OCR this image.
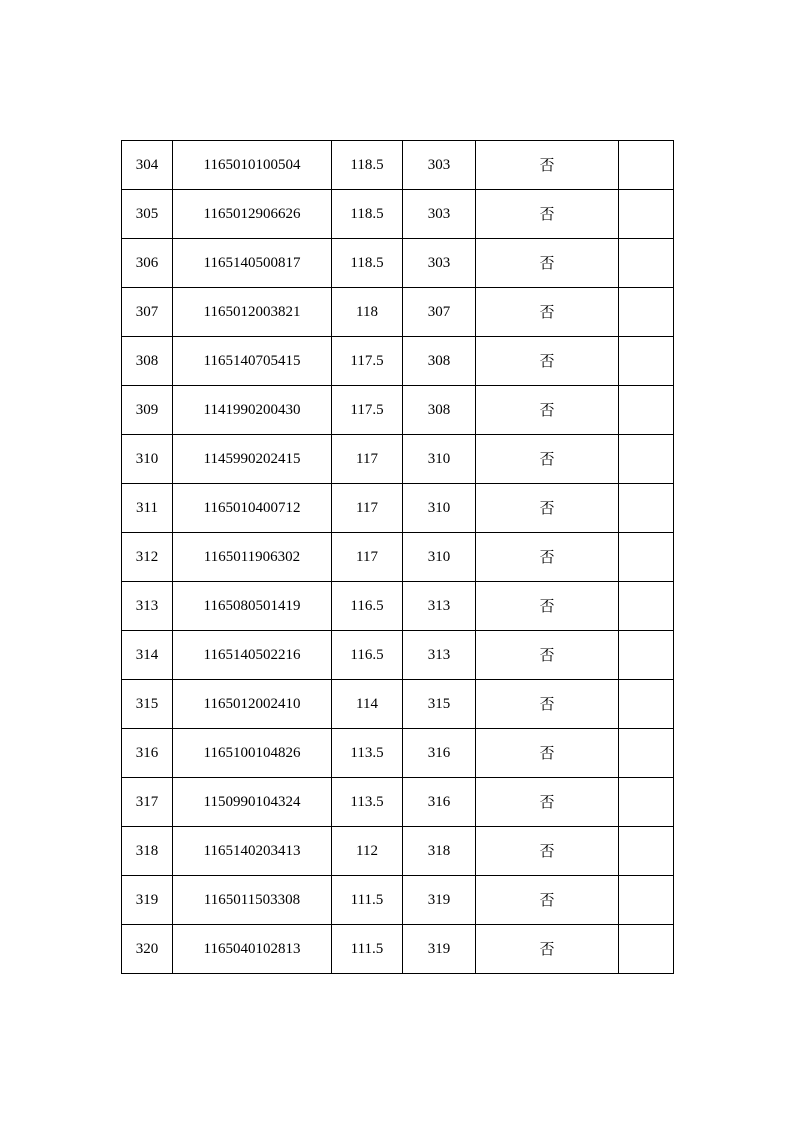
304	1165010100504	118.5	303	否	
305	1165012906626	118.5	303	否	
306	1165140500817	118.5	303	否	
307	1165012003821	118	307	否	
308	1165140705415	117.5	308	否	
309	1141990200430	117.5	308	否	
310	1145990202415	117	310	否	
311	1165010400712	117	310	否	
312	1165011906302	117	310	否	
313	1165080501419	116.5	313	否	
314	1165140502216	116.5	313	否	
315	1165012002410	114	315	否	
316	1165100104826	113.5	316	否	
317	1150990104324	113.5	316	否	
318	1165140203413	112	318	否	
319	1165011503308	111.5	319	否	
320	1165040102813	111.5	319	否	
